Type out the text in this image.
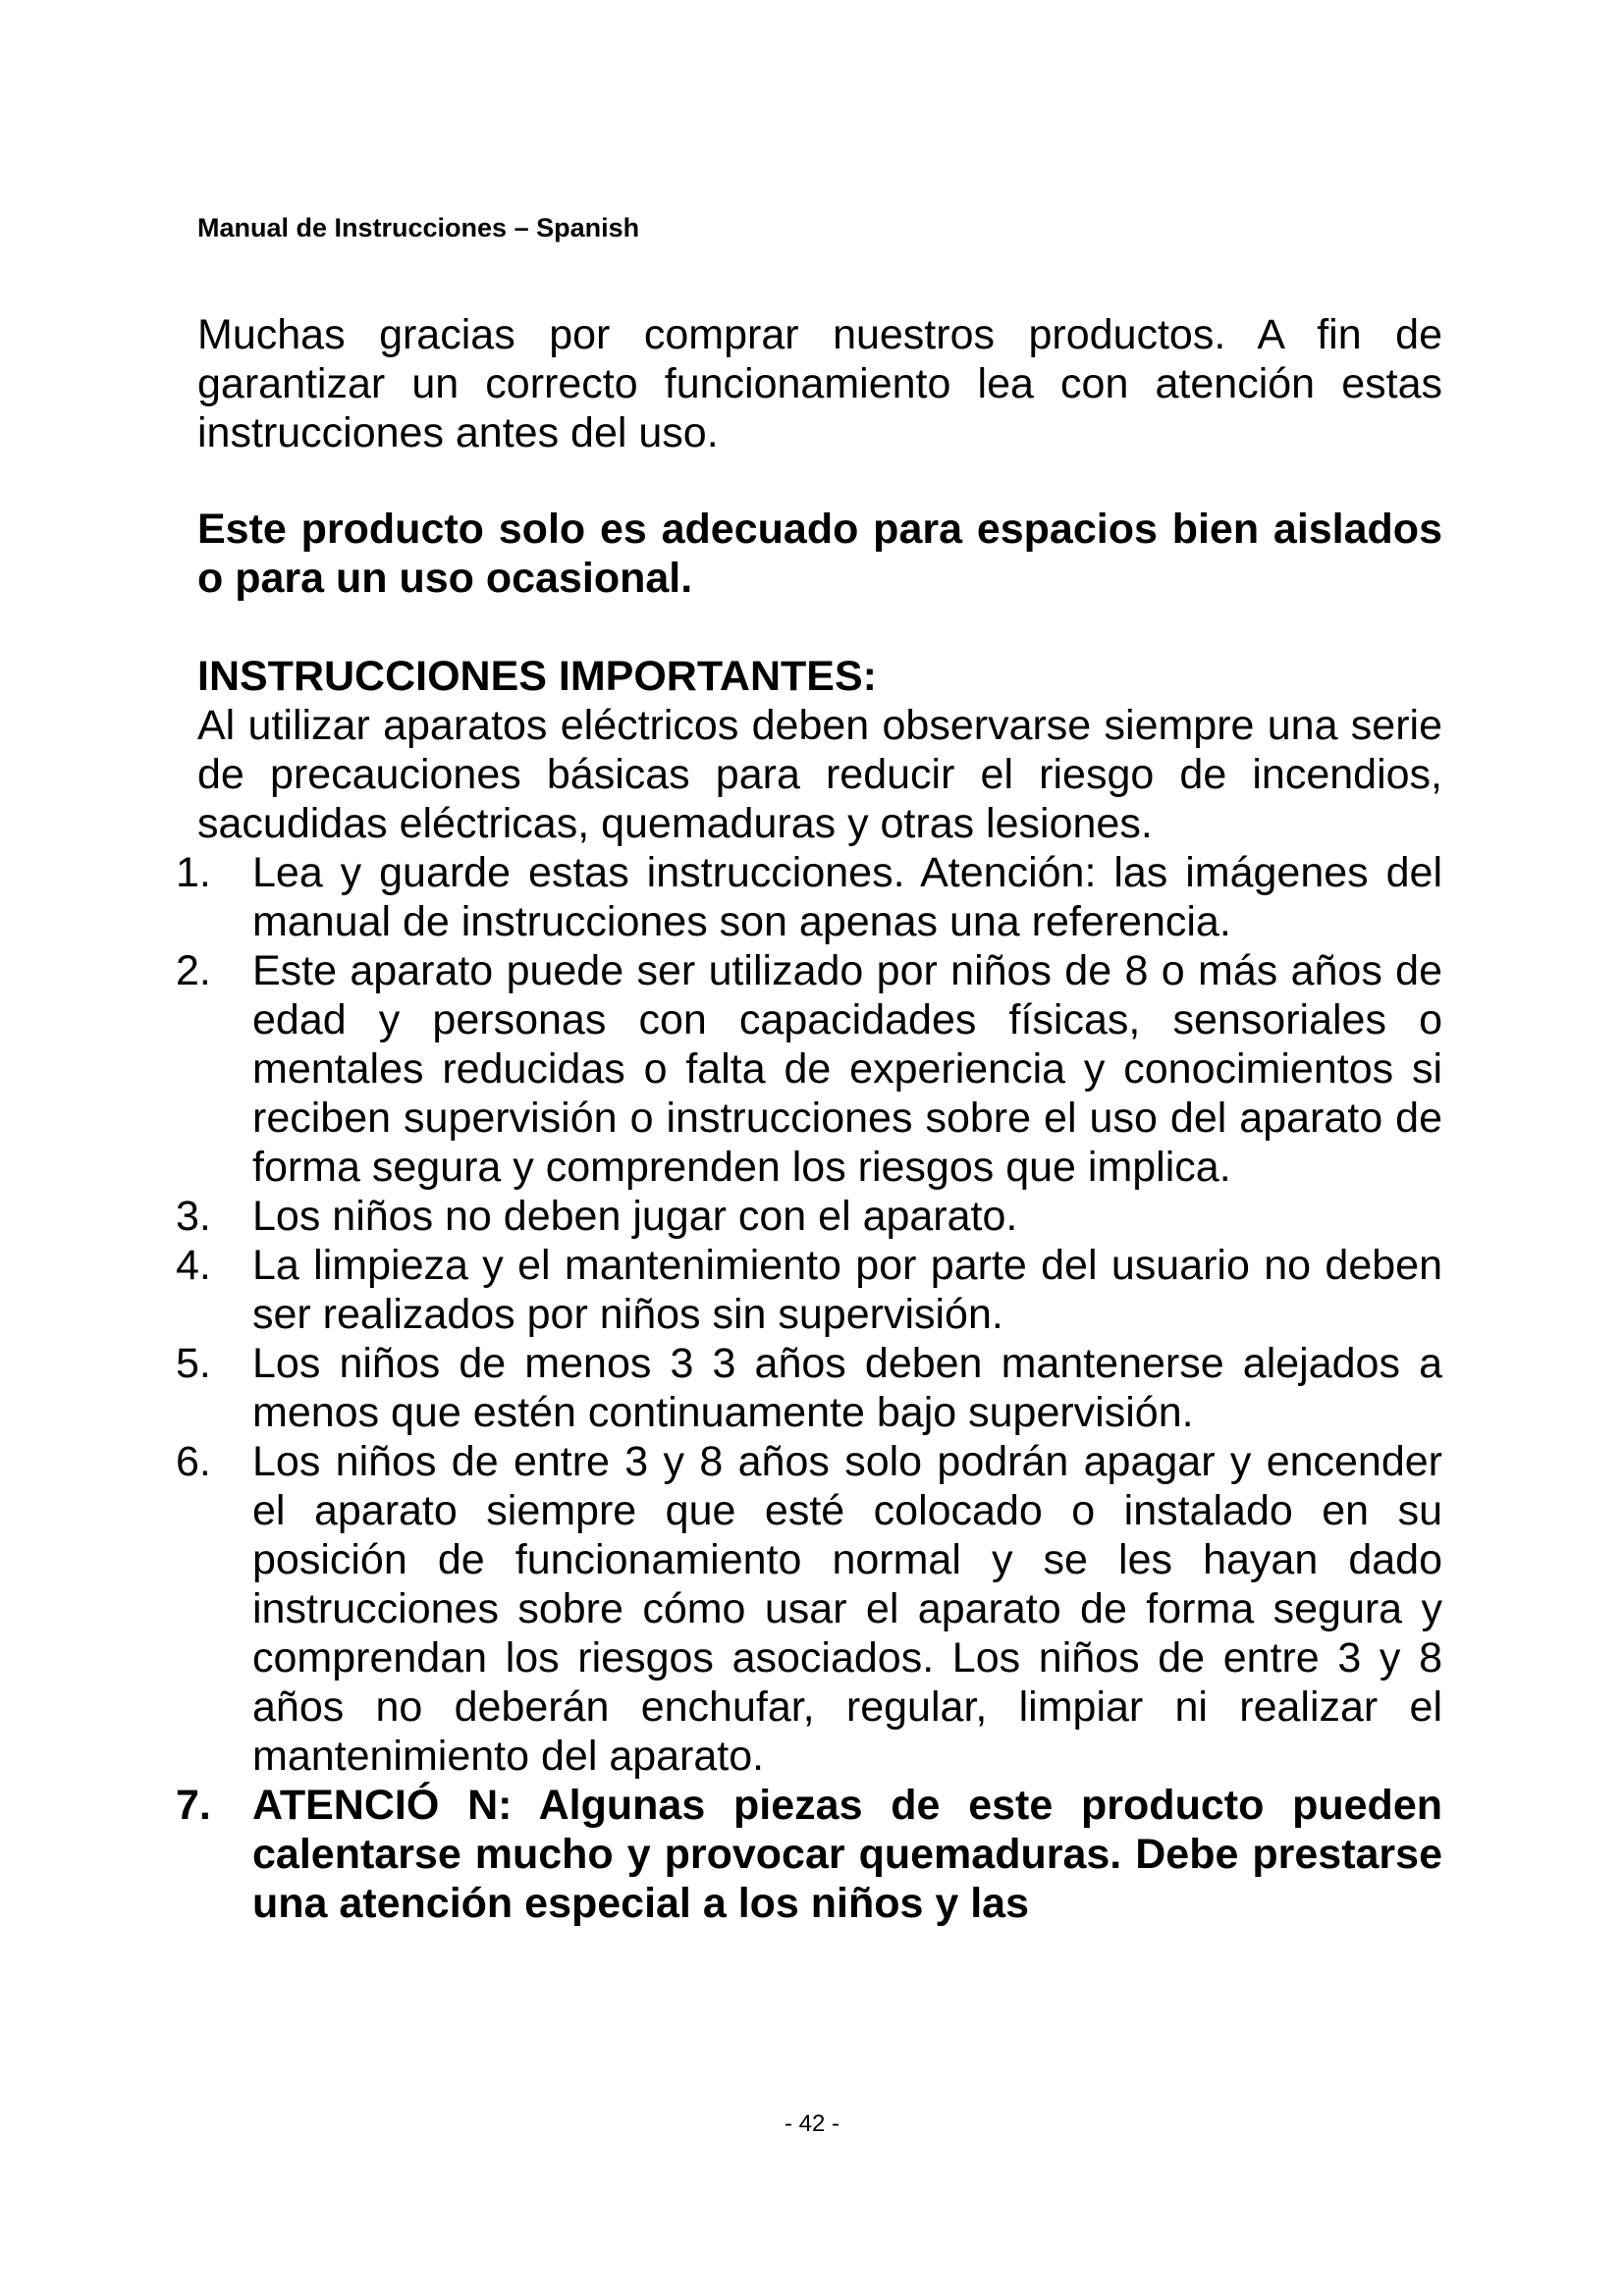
Manual de Instrucciones – Spanish

Muchas gracias por comprar nuestros productos. A fin de garantizar un correcto funcionamiento lea con atención estas instrucciones antes del uso.

Este producto solo es adecuado para espacios bien aislados o para un uso ocasional.

INSTRUCCIONES IMPORTANTES:

Al utilizar aparatos eléctricos deben observarse siempre una serie de precauciones básicas para reducir el riesgo de incendios, sacudidas eléctricas, quemaduras y otras lesiones.

1. Lea y guarde estas instrucciones. Atención: las imágenes del manual de instrucciones son apenas una referencia.
2. Este aparato puede ser utilizado por niños de 8 o más años de edad y personas con capacidades físicas, sensoriales o mentales reducidas o falta de experiencia y conocimientos si reciben supervisión o instrucciones sobre el uso del aparato de forma segura y comprenden los riesgos que implica.
3. Los niños no deben jugar con el aparato.
4. La limpieza y el mantenimiento por parte del usuario no deben ser realizados por niños sin supervisión.
5. Los niños de menos 3 3 años deben mantenerse alejados a menos que estén continuamente bajo supervisión.
6. Los niños de entre 3 y 8 años solo podrán apagar y encender el aparato siempre que esté colocado o instalado en su posición de funcionamiento normal y se les hayan dado instrucciones sobre cómo usar el aparato de forma segura y comprendan los riesgos asociados. Los niños de entre 3 y 8 años no deberán enchufar, regular, limpiar ni realizar el mantenimiento del aparato.
7. ATENCIÓ N: Algunas piezas de este producto pueden calentarse mucho y provocar quemaduras. Debe prestarse una atención especial a los niños y las
- 42 -
